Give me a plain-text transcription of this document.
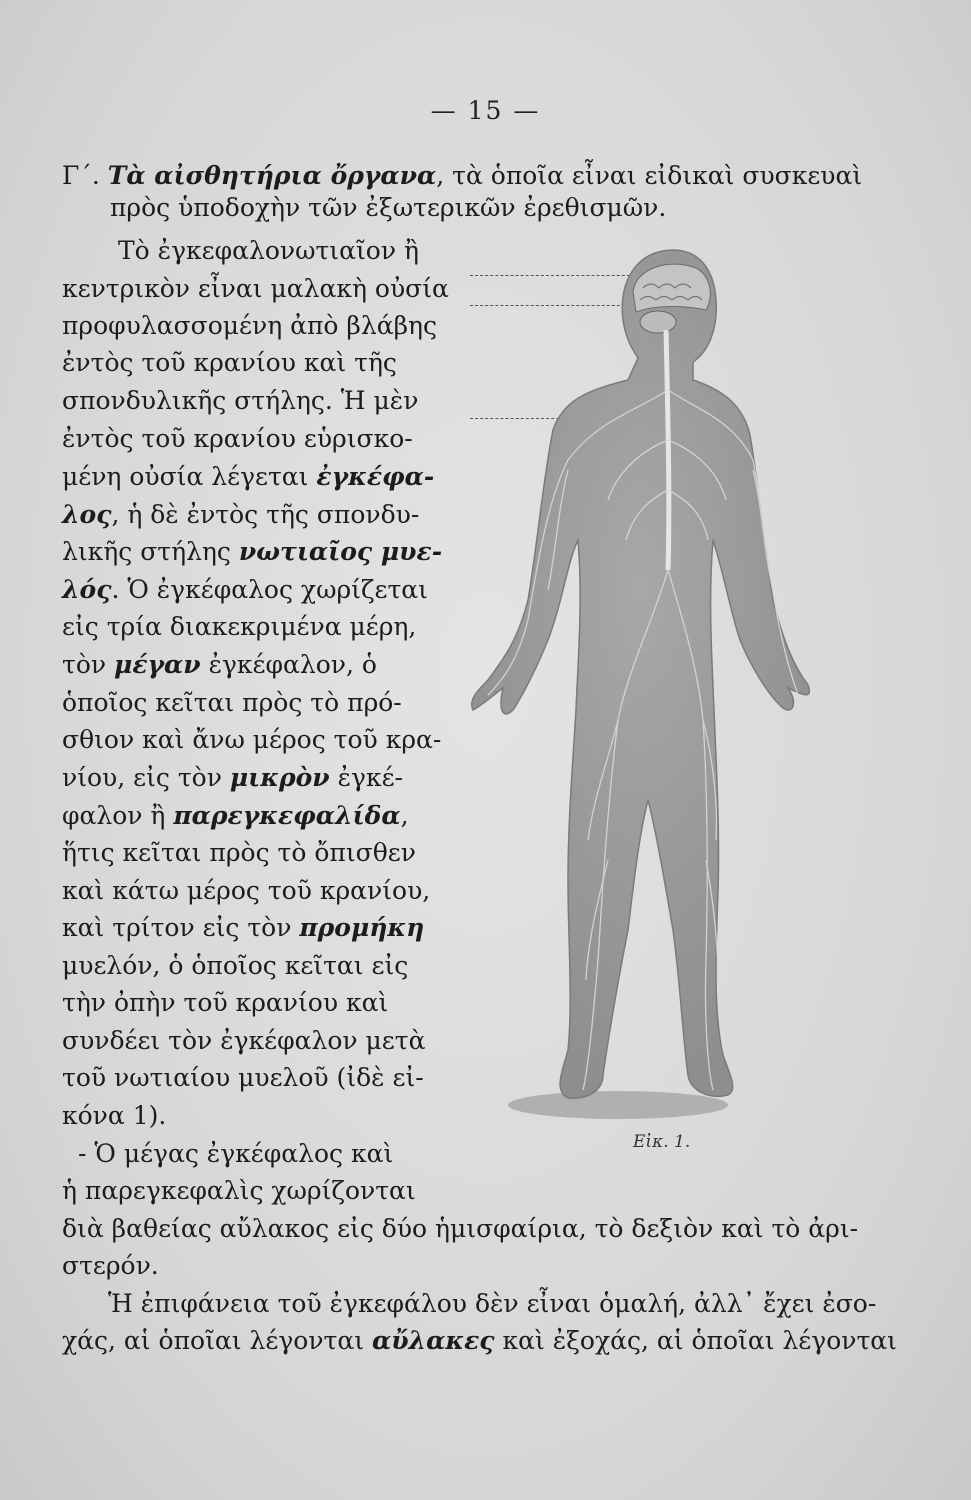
— 15 —
Γ΄. Τὰ αἰσθητήρια ὄργανα, τὰ ὁποῖα εἶναι εἰδικαὶ συσκευαὶ
πρὸς ὑποδοχὴν τῶν ἐξωτερικῶν ἐρεθισμῶν.
Τὸ ἐγκεφαλονωτιαῖον ἢ
κεντρικὸν εἶναι μαλακὴ οὐσία
προφυλασσομένη ἀπὸ βλάβης
ἐντὸς τοῦ κρανίου καὶ τῆς
σπονδυλικῆς στήλης. Ἡ μὲν
ἐντὸς τοῦ κρανίου εὑρισκο-
μένη οὐσία λέγεται ἐγκέφα-
λος, ἡ δὲ ἐντὸς τῆς σπονδυ-
λικῆς στήλης νωτιαῖος μυε-
λός. Ὁ ἐγκέφαλος χωρίζεται
εἰς τρία διακεκριμένα μέρη,
τὸν μέγαν ἐγκέφαλον, ὁ
ὁποῖος κεῖται πρὸς τὸ πρό-
σθιον καὶ ἄνω μέρος τοῦ κρα-
νίου, εἰς τὸν μικρὸν ἐγκέ-
φαλον ἢ παρεγκεφαλίδα,
ἥτις κεῖται πρὸς τὸ ὄπισθεν
καὶ κάτω μέρος τοῦ κρανίου,
καὶ τρίτον εἰς τὸν προμήκη
μυελόν, ὁ ὁποῖος κεῖται εἰς
τὴν ὀπὴν τοῦ κρανίου καὶ
συνδέει τὸν ἐγκέφαλον μετὰ
τοῦ νωτιαίου μυελοῦ (ἰδὲ εἰ-
κόνα 1).
- Ὁ μέγας ἐγκέφαλος καὶ
ἡ παρεγκεφαλὶς χωρίζονται
διὰ βαθείας αὔλακος εἰς δύο ἡμισφαίρια, τὸ δεξιὸν καὶ τὸ ἀρι-
στερόν.
Ἡ ἐπιφάνεια τοῦ ἐγκεφάλου δὲν εἶναι ὁμαλή, ἀλλ᾽ ἔχει ἐσο-
χάς, αἱ ὁποῖαι λέγονται αὔλακες καὶ ἐξοχάς, αἱ ὁποῖαι λέγονται
Εἰκ. 1.
